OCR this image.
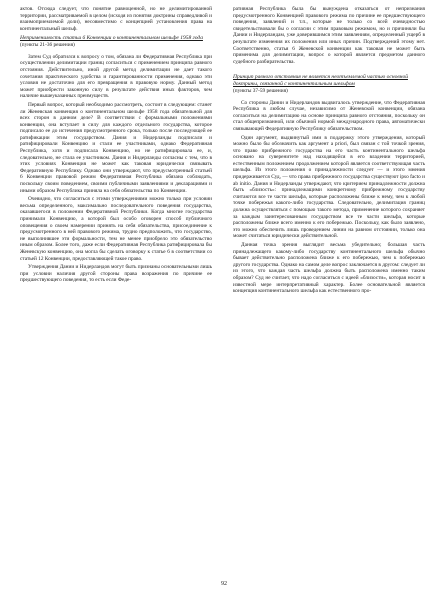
актов. Отсюда следует, что понятие равноценной, но не делимитированной территории, рассматриваемой в целом (исходя из понятия доктрины справедливой и взаимоприемлемой доли), несовместимо с концепцией установления права на континентальный шельф.

Неприменимость статьи 6 Конвенции о континентальном шельфе 1958 года
(пункты 21-36 решения)

Затем Суд обратился к вопросу о том, обязана ли Федеративная Республика при осуществлении делимитации границ согласиться с применением принципа равного отстояния. Действительно, иной другой метод делимитации не дает такого сочетания практического удобства и гарантированности применения, однако эти условия не достаточно для его превращения в правовую норму. Данный метод может приобрести законную силу в результате действия иных факторов, чем наличие вышеуказанных преимуществ.

Первый вопрос, который необходимо рассмотреть, состоит в следующем: станет ли Женевская конвенция о континентальном шельфе 1958 года обязательной для всех сторон в данном деле? В соответствии с формальными положениями конвенции, она вступает в силу для каждого отдельного государства, которое подписало ее до истечения предусмотренного срока, только после последующей ее ратификации этим государством. Дания и Нидерланды подписали и ратифицировали Конвенцию и стали ее участниками, однако Федеративная Республика, хотя и подписала Конвенцию, но не ратифицировала ее, и, следовательно, не стала ее участником. Дания и Нидерланды согласны с тем, что в этих условиях Конвенция не может как таковая юридически связывать Федеративную Республику. Однако они утверждают, что предусмотренный статьей 6 Конвенции правовой режим Федеративная Республика обязана соблюдать, поскольку своим поведением, своими публичными заявлениями и декларациями и иными образом Республика приняла на себя обязательства по Конвенции.

Очевидно, что согласиться с этими утверждениями можно только при условии весьма определенного, максимально последовательного поведения государства, оказавшегося в положении Федеративной Республики. Когда многие государства принимали Конвенцию, а которой был особо оговорен способ публичного оповещения о своем намерении принять на себя обязательства, присоединение к предусмотренного в ней правового режима, трудно предположить, что государство, не выполнившее эти формальности, тем не менее приобрело это обязательство иным образом. Более того, даже если Федеративная Республика ратифицировала бы Женевскую конвенцию, она могла бы сделать оговорку к статье 6 в соответствии со статьей 12 Конвенции, предоставляющей такое право.

Утверждения Дании и Нидерландов могут быть признаны основательными лишь при условии наличия другой стороны права возражения по причине ее предшествующего поведения, то есть если Феде-

ративная Республика была бы вынуждена отказаться от непризнания предусмотренного Конвенцией правового режима по причине ее предшествующего поведения, заявлений и т.п., которые не только со всей очевидностью свидетельствовали бы о согласии с этим правовым режимом, но и причиняли бы Дании и Нидерландам, уже доверившимся этим заявлениям, определенный ущерб в результате изменения их положения или иных причин. Подтверждений этому нет. Соответственно, статья 6 Женевской конвенции как таковая не может быть применима для делимитации, вопрос о которой является предметом данного судебного разбирательства.

Принцип равного отстояния не является неотъемлемой частью основной доктрины, связанной с континентальным шельфом
(пункты 37-59 решения)

Со стороны Дании и Нидерландов выдвигалось утверждение, что Федеративная Республика в любом случае, независимо от Женевской конвенции, обязана согласиться на делимитацию на основе принципа равного отстояния, поскольку он стал общепризнанной, или обычной нормой международного права, автоматически связывающей Федеративную Республику обязательством.

Один аргумент, выдвинутый ими в поддержку этого утверждения, который можно было бы обозначить как аргумент a priori, был связан с той точкой зрения, что право прибрежного государства на его часть континентального шельфа основано на суверенитете над находящейся в его владении территорией, естественным положением продолжением которой является соответствующая часть шельфа. Из этого положения о принадлежности следует — и этого мнения придерживается Суд, — что права прибрежного государства существуют ipso facto и ab initio. Дания и Нидерланды утверждают, что критерием принадлежности должна быть «близость»: принадлежащими конкретному прибрежному государству считаются все те части шельфа, которые расположены ближе к нему, чем к любой точке побережья какого-либо государства. Следовательно, делимитация границ должна осуществляться с помощью такого метода, применение которого сохраняет за каждым заинтересованным государством все те части шельфа, которые расположены ближе всего именно к его побережью. Поскольку, как было заявлено, это можно обеспечить лишь проведением линии на равном отстоянии, только она может считаться юридически действительной.

Данная точка зрения выглядит весьма убедительно; большая часть принадлежащего какому-либо государству континентального шельфа обычно бывает действительно расположена ближе к его побережью, чем к побережью другого государства. Однако на самом деле вопрос заключается в другом: следует ли из этого, что каждая часть шельфа должна быть расположена именно таким образом? Суд не считает, что надо согласиться с идеей «близости», которая носит в известной мере интерпретативный характер. Более основательной является концепция континентального шельфа как естественного про-

92
